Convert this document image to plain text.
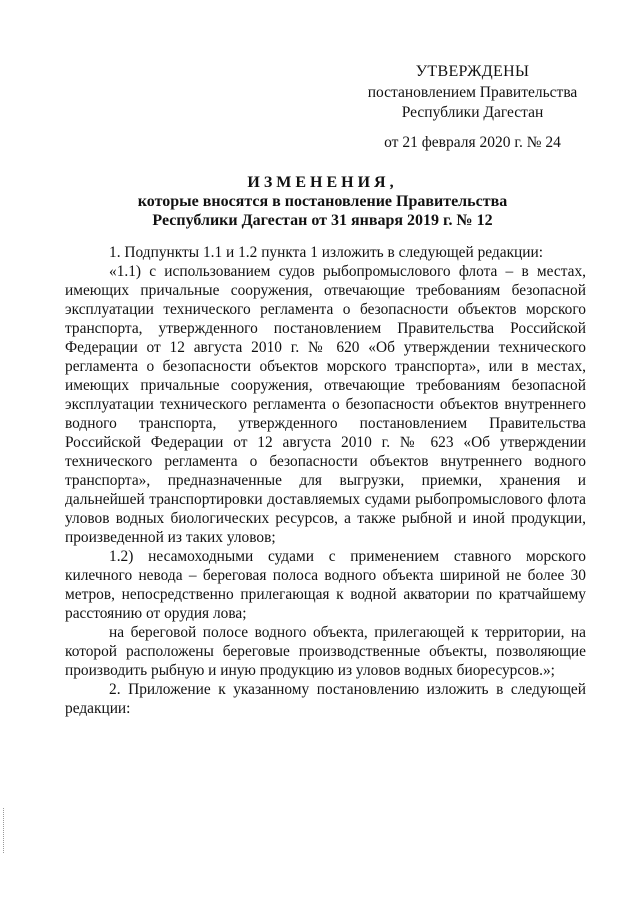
УТВЕРЖДЕНЫ
постановлением Правительства
Республики Дагестан
от 21 февраля 2020 г. № 24
ИЗМЕНЕНИЯ,
которые вносятся в постановление Правительства
Республики Дагестан от 31 января 2019 г. № 12

1. Подпункты 1.1 и 1.2 пункта 1 изложить в следующей редакции:

«1.1) с использованием судов рыбопромыслового флота – в местах, имеющих причальные сооружения, отвечающие требованиям безопасной эксплуатации технического регламента о безопасности объектов морского транспорта, утвержденного постановлением Правительства Российской Федерации от 12 августа 2010 г. № 620 «Об утверждении технического регламента о безопасности объектов морского транспорта», или в местах, имеющих причальные сооружения, отвечающие требованиям безопасной эксплуатации технического регламента о безопасности объектов внутреннего водного транспорта, утвержденного постановлением Правительства Российской Федерации от 12 августа 2010 г. № 623 «Об утверждении технического регламента о безопасности объектов внутреннего водного транспорта», предназначенные для выгрузки, приемки, хранения и дальнейшей транспортировки доставляемых судами рыбопромыслового флота уловов водных биологических ресурсов, а также рыбной и иной продукции, произведенной из таких уловов;

1.2) несамоходными судами с применением ставного морского килечного невода – береговая полоса водного объекта шириной не более 30 метров, непосредственно прилегающая к водной акватории по кратчайшему расстоянию от орудия лова;

на береговой полосе водного объекта, прилегающей к территории, на которой расположены береговые производственные объекты, позволяющие производить рыбную и иную продукцию из уловов водных биоресурсов.»;

2. Приложение к указанному постановлению изложить в следующей редакции:
